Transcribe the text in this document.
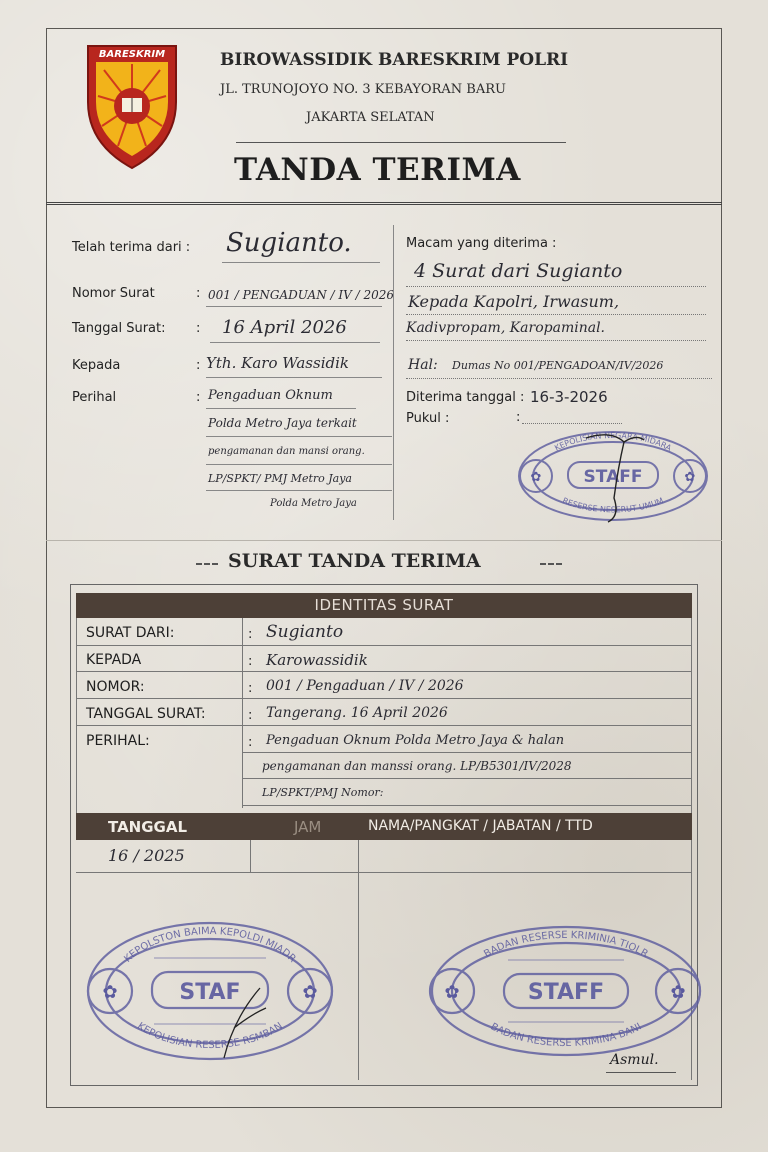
BARESKRIM	BIROWASSIDIK BARESKRIM POLRI
JL. TRUNOJOYO NO. 3 KEBAYORAN BARU
JAKARTA SELATAN
TANDA TERIMA
Telah terima dari : Sugianto.
Nomor Surat	: 001 / PENGADUAN / IV / 2026
Tanggal Surat: : 16 April 2026
Kepada	: Yth. Karo Wassidik
Perihal	: Pengaduan Oknum
Polda Metro Jaya terkait
pengamanan dan mansi orang.
LP/SPKT/ PMJ Metro Jaya
Polda Metro Jaya
Macam yang diterima :
4 Surat dari Sugianto
Kepada Kapolri, Irwasum,
Kadivpropam, Karopaminal.
Hal: Dumas No 001/PENGADOAN/IV/2026
Diterima tanggal : 16-3-2026
Pukul :	:
KEPOLISIAN NEGARA MIDARA
RESERSE NESERUT UMUM
STAFF
✿	✿
SURAT TANDA TERIMA
IDENTITAS SURAT
SURAT DARI:	: Sugianto
KEPADA	: Karowassidik
NOMOR:	: 001 / Pengaduan / IV / 2026
TANGGAL SURAT:	: Tangerang. 16 April 2026
PERIHAL:	: Pengaduan Oknum Polda Metro Jaya & halan
pengamanan dan manssi orang. LP/B5301/IV/2028
LP/SPKT/PMJ Nomor:
TANGGAL	JAM	NAMA/PANGKAT / JABATAN / TTD
16 / 2025
KEPOLSTON BAIMA KEPOLDI MIADR
KEPOLISIAN RESERSE RSMBAN
STAF
✿	✿
BADAN RESERSE KRIMINIA TIOLR
BADAN RESERSE KRIMINA BANI
STAFF
✿	✿
Asmul.
